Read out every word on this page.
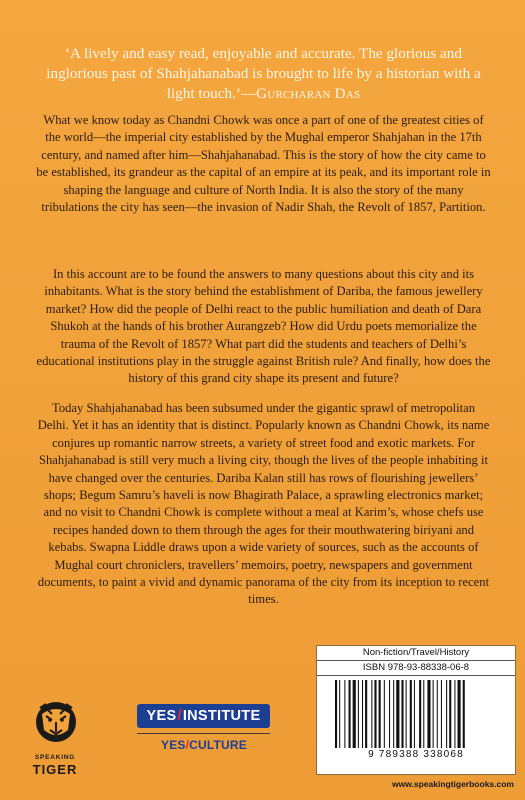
‘A lively and easy read, enjoyable and accurate. The glorious and inglorious past of Shahjahanabad is brought to life by a historian with a light touch.’—Gurcharan Das

What we know today as Chandni Chowk was once a part of one of the greatest cities of the world—the imperial city established by the Mughal emperor Shahjahan in the 17th century, and named after him—Shahjahanabad. This is the story of how the city came to be established, its grandeur as the capital of an empire at its peak, and its important role in shaping the language and culture of North India. It is also the story of the many tribulations the city has seen—the invasion of Nadir Shah, the Revolt of 1857, Partition.

In this account are to be found the answers to many questions about this city and its inhabitants. What is the story behind the establishment of Dariba, the famous jewellery market? How did the people of Delhi react to the public humiliation and death of Dara Shukoh at the hands of his brother Aurangzeb? How did Urdu poets memorialize the trauma of the Revolt of 1857? What part did the students and teachers of Delhi’s educational institutions play in the struggle against British rule? And finally, how does the history of this grand city shape its present and future?

Today Shahjahanabad has been subsumed under the gigantic sprawl of metropolitan Delhi. Yet it has an identity that is distinct. Popularly known as Chandni Chowk, its name conjures up romantic narrow streets, a variety of street food and exotic markets. For Shahjahanabad is still very much a living city, though the lives of the people inhabiting it have changed over the centuries. Dariba Kalan still has rows of flourishing jewellers’ shops; Begum Samru’s haveli is now Bhagirath Palace, a sprawling electronics market; and no visit to Chandni Chowk is complete without a meal at Karim’s, whose chefs use recipes handed down to them through the ages for their mouthwatering biriyani and kebabs. Swapna Liddle draws upon a wide variety of sources, such as the accounts of Mughal court chroniclers, travellers’ memoirs, poetry, newspapers and government documents, to paint a vivid and dynamic panorama of the city from its inception to recent times.

SPEAKING
TIGER
YES/INSTITUTE
YES/CULTURE
Non-fiction/Travel/History
ISBN 978-93-88338-06-8
9 789388 338068
www.speakingtigerbooks.com
